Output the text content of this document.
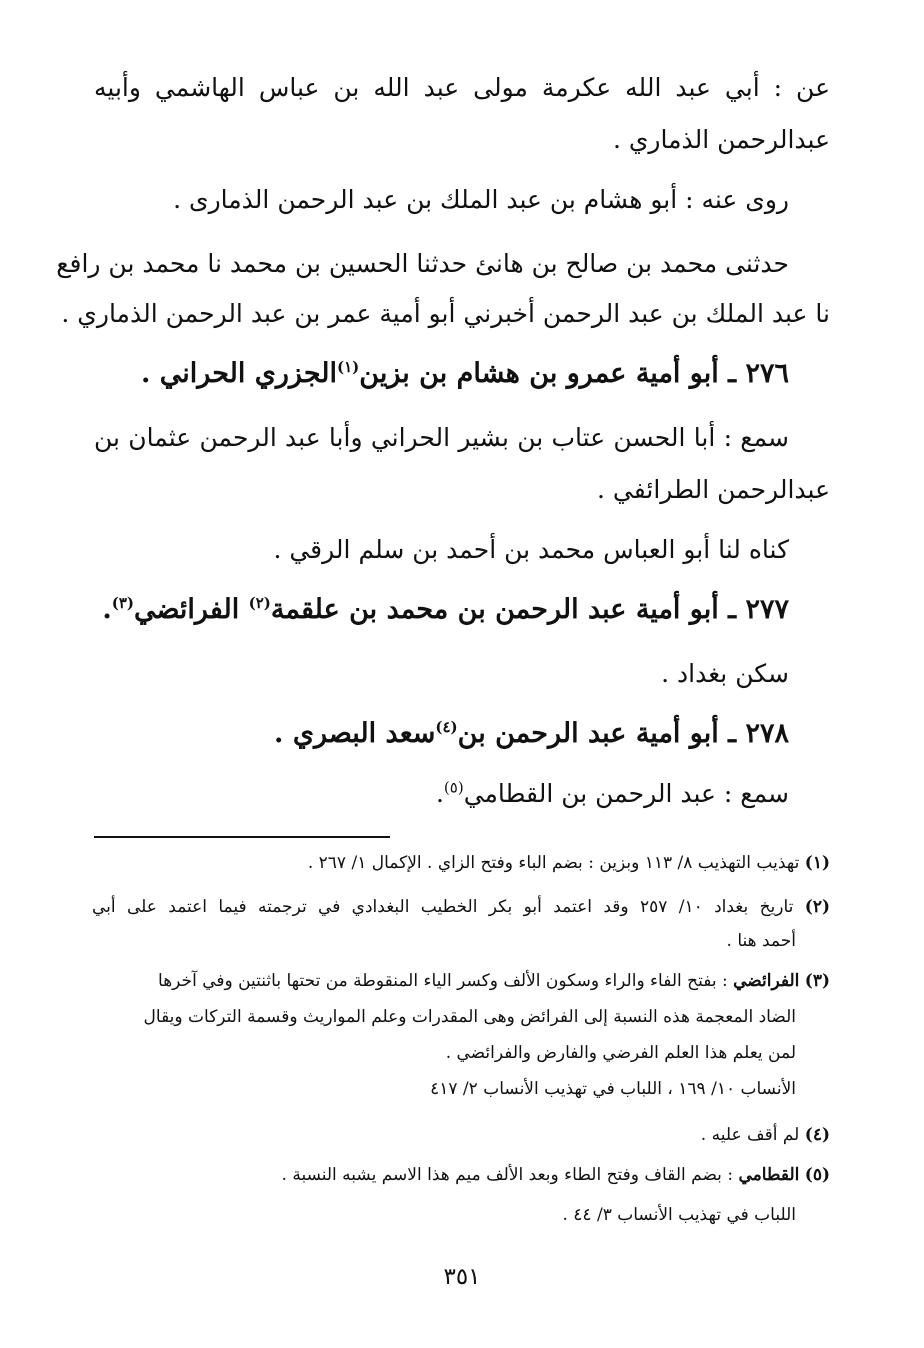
عن : أبي عبد الله عكرمة مولى عبد الله بن عباس الهاشمي وأبيه
عبدالرحمن الذماري .
روى عنه : أبو هشام بن عبد الملك بن عبد الرحمن الذمارى .
حدثنى محمد بن صالح بن هانئ حدثنا الحسين بن محمد نا محمد بن رافع
نا عبد الملك بن عبد الرحمن أخبرني أبو أمية عمر بن عبد الرحمن الذماري .
٢٧٦ ـ أبو أمية عمرو بن هشام بن بزين$^{(١)}$الجزري الحراني .
سمع : أبا الحسن عتاب بن بشير الحراني وأبا عبد الرحمن عثمان بن
عبدالرحمن الطرائفي .
كناه لنا أبو العباس محمد بن أحمد بن سلم الرقي .
٢٧٧ ـ أبو أمية عبد الرحمن بن محمد بن علقمة$^{(٢)}$ الفرائضي$^{(٣)}$.
سكن بغداد .
٢٧٨ ـ أبو أمية عبد الرحمن بن$^{(٤)}$سعد البصري .
سمع : عبد الرحمن بن القطامي$^{(٥)}$.
(١) تهذيب التهذيب ٨/ ١١٣ وبزين : بضم الباء وفتح الزاي . الإكمال ١/ ٢٦٧ .
(٢) تاريخ بغداد ١٠/ ٢٥٧ وقد اعتمد أبو بكر الخطيب البغدادي في ترجمته فيما اعتمد على أبي
أحمد هنا .
(٣) الفرائضي : بفتح الفاء والراء وسكون الألف وكسر الياء المنقوطة من تحتها باثنتين وفي آخرها
الضاد المعجمة هذه النسبة إلى الفرائض وهى المقدرات وعلم المواريث وقسمة التركات ويقال
لمن يعلم هذا العلم الفرضي والفارض والفرائضي .
الأنساب ١٠/ ١٦٩ ، اللباب في تهذيب الأنساب ٢/ ٤١٧
(٤) لم أقف عليه .
(٥) القطامي : بضم القاف وفتح الطاء وبعد الألف ميم هذا الاسم يشبه النسبة .
اللباب في تهذيب الأنساب ٣/ ٤٤ .
٣٥١
